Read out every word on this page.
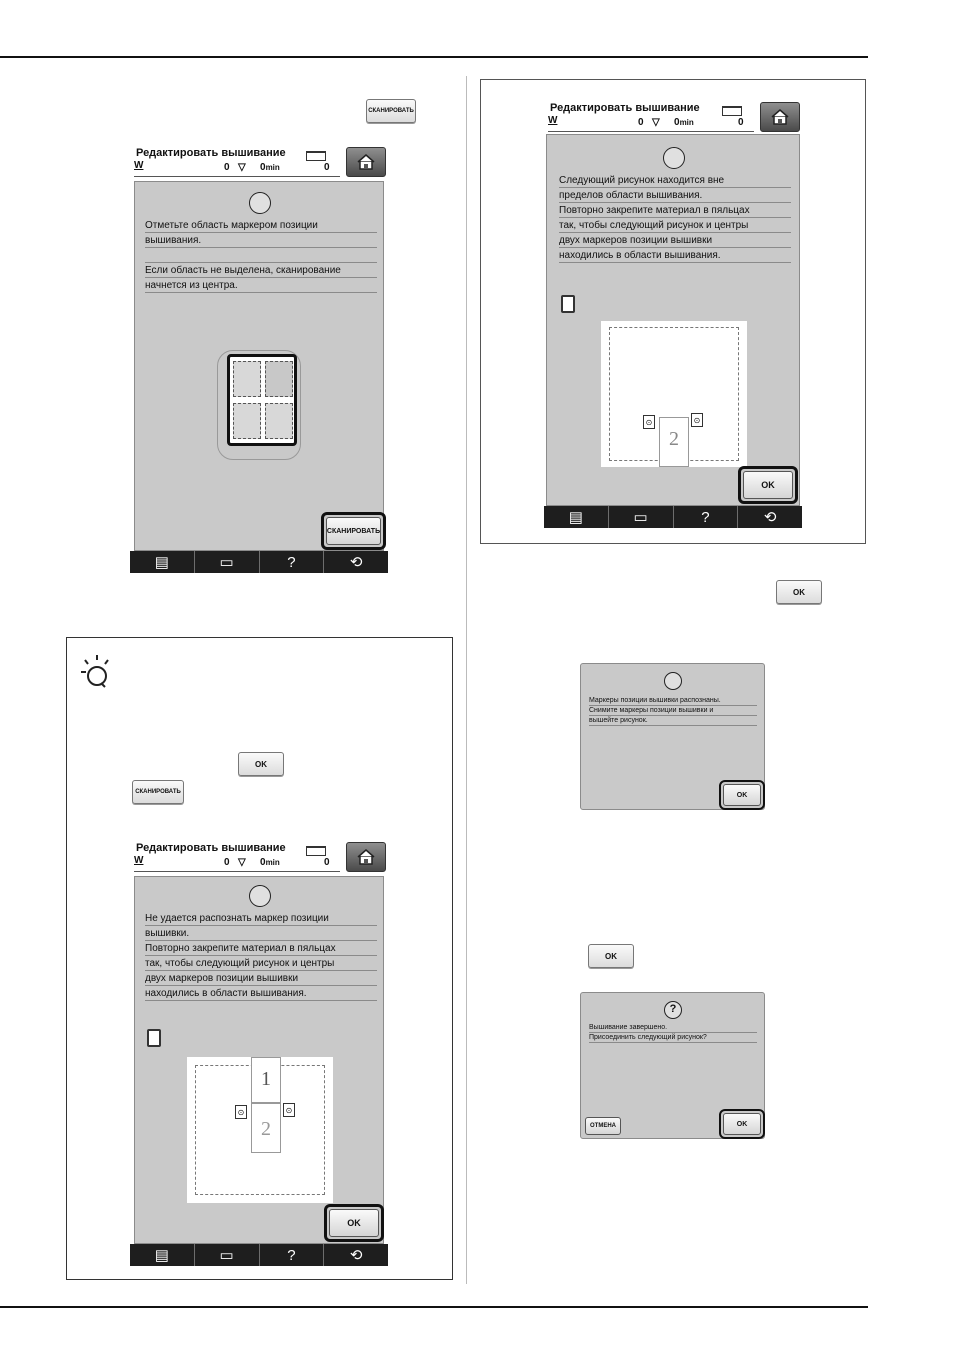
СКАНИРОВАТЬ
Редактировать вышивание
W	0 ▽ 0min	0
Отметьте область маркером позиции
вышивания.
Если область не выделена, сканирование
начнется из центра.
СКАНИРОВАТЬ
▤	▭	?	⟲
OK
СКАНИРОВАТЬ
Редактировать вышивание
W	0 ▽ 0min	0
Не удается распознать маркер позиции
вышивки.
Повторно закрепите материал в пяльцах
так, чтобы следующий рисунок и центры
двух маркеров позиции вышивки
находились в области вышивания.
1
2
⊙	⊙
OK
▤	▭	?	⟲
Редактировать вышивание
W	0 ▽ 0min	0
Следующий рисунок находится вне
пределов области вышивания.
Повторно закрепите материал в пяльцах
так, чтобы следующий рисунок и центры
двух маркеров позиции вышивки
находились в области вышивания.
2
⊙	⊙
OK
▤	▭	?	⟲
OK
Маркеры позиции вышивки распознаны.
Снимите маркеры позиции вышивки и
вышейте рисунок.
OK
OK
?
Вышивание завершено.
Присоединить следующий рисунок?
ОТМЕНА	OK
